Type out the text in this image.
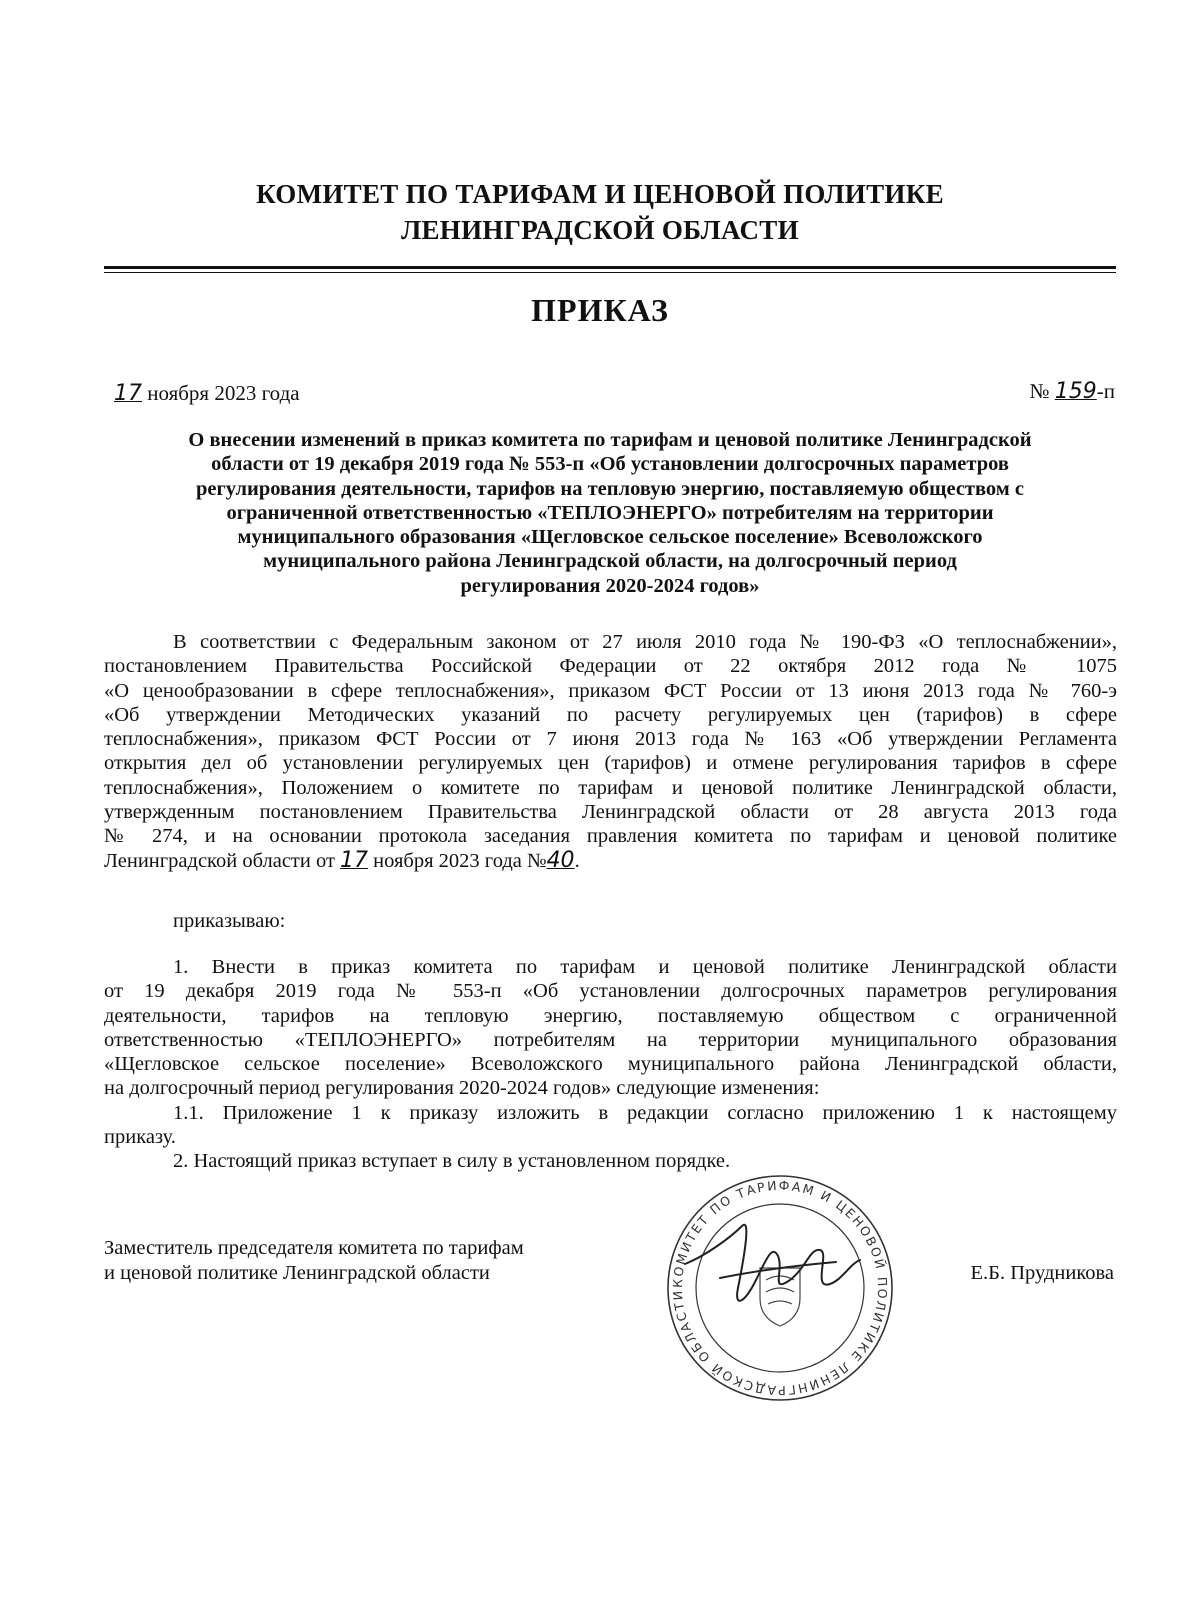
КОМИТЕТ ПО ТАРИФАМ И ЦЕНОВОЙ ПОЛИТИКЕ
ЛЕНИНГРАДСКОЙ ОБЛАСТИ
ПРИКАЗ
17 ноября 2023 года	№ 159-п
О внесении изменений в приказ комитета по тарифам и ценовой политике Ленинградской
области от 19 декабря 2019 года № 553-п «Об установлении долгосрочных параметров
регулирования деятельности, тарифов на тепловую энергию, поставляемую обществом с
ограниченной ответственностью «ТЕПЛОЭНЕРГО» потребителям на территории
муниципального образования «Щегловское сельское поселение» Всеволожского
муниципального района Ленинградской области, на долгосрочный период
регулирования 2020-2024 годов»
В соответствии с Федеральным законом от 27 июля 2010 года № 190-ФЗ «О теплоснабжении»,
постановлением Правительства Российской Федерации от 22 октября 2012 года № 1075
«О ценообразовании в сфере теплоснабжения», приказом ФСТ России от 13 июня 2013 года № 760-э
«Об утверждении Методических указаний по расчету регулируемых цен (тарифов) в сфере
теплоснабжения», приказом ФСТ России от 7 июня 2013 года № 163 «Об утверждении Регламента
открытия дел об установлении регулируемых цен (тарифов) и отмене регулирования тарифов в сфере
теплоснабжения», Положением о комитете по тарифам и ценовой политике Ленинградской области,
утвержденным постановлением Правительства Ленинградской области от 28 августа 2013 года
№ 274, и на основании протокола заседания правления комитета по тарифам и ценовой политике
Ленинградской области от 17 ноября 2023 года №40.
приказываю:
1. Внести в приказ комитета по тарифам и ценовой политике Ленинградской области
от 19 декабря 2019 года № 553-п «Об установлении долгосрочных параметров регулирования
деятельности, тарифов на тепловую энергию, поставляемую обществом с ограниченной
ответственностью «ТЕПЛОЭНЕРГО» потребителям на территории муниципального образования
«Щегловское сельское поселение» Всеволожского муниципального района Ленинградской области,
на долгосрочный период регулирования 2020-2024 годов» следующие изменения:
1.1. Приложение 1 к приказу изложить в редакции согласно приложению 1 к настоящему
приказу.
2. Настоящий приказ вступает в силу в установленном порядке.
Заместитель председателя комитета по тарифам
и ценовой политике Ленинградской области	КОМИТЕТ ПО ТАРИФАМ И ЦЕНОВОЙ ПОЛИТИКЕ ЛЕНИНГРАДСКОЙ ОБЛАСТИ
Е.Б. Прудникова
